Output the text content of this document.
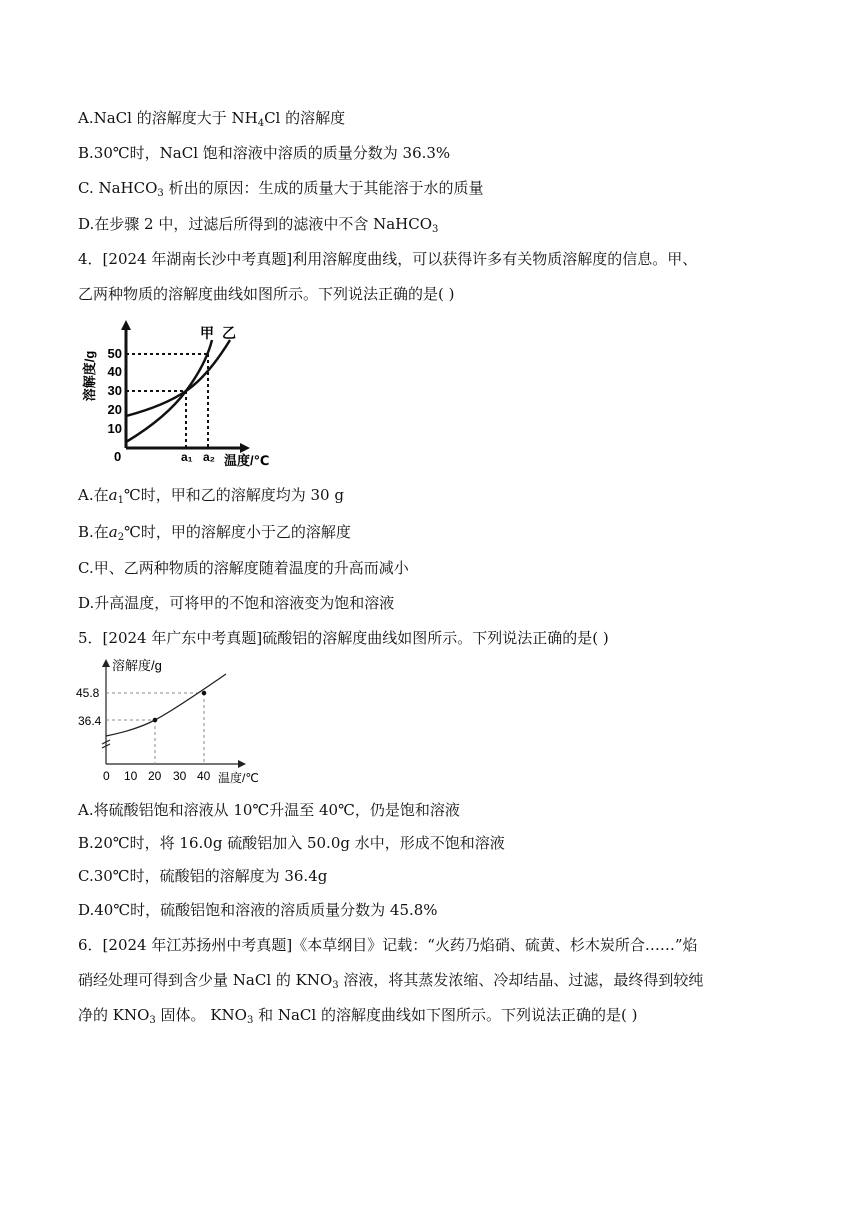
A.NaCl 的溶解度大于 $NH_4Cl$ 的溶解度
B.30℃时，NaCl 饱和溶液中溶质的质量分数为 36.3%
C. NaHCO$_3$ 析出的原因：生成的质量大于其能溶于水的质量
D.在步骤 2 中，过滤后所得到的滤液中不含 NaHCO$_3$
4．[2024 年湖南长沙中考真题]利用溶解度曲线，可以获得许多有关物质溶解度的信息。甲、
乙两种物质的溶解度曲线如图所示。下列说法正确的是( )
10
20
30
40
50
溶解度/g
0
甲 乙
a₁ a₂ 温度/℃
A.在$a_1℃$时，甲和乙的溶解度均为 30 g
B.在$a_2℃$时，甲的溶解度小于乙的溶解度
C.甲、乙两种物质的溶解度随着温度的升高而减小
D.升高温度，可将甲的不饱和溶液变为饱和溶液
5．[2024 年广东中考真题]硫酸铝的溶解度曲线如图所示。下列说法正确的是( )
溶解度/g
45.8
36.4
0 10 20 30 40 温度/℃
A.将硫酸铝饱和溶液从 10℃升温至 40℃，仍是饱和溶液
B.20℃时，将 16.0g 硫酸铝加入 50.0g 水中，形成不饱和溶液
C.30℃时，硫酸铝的溶解度为 36.4g
D.40℃时，硫酸铝饱和溶液的溶质质量分数为 45.8%
6．[2024 年江苏扬州中考真题]《本草纲目》记载：“火药乃焰硝、硫黄、杉木炭所合……”焰
硝经处理可得到含少量 NaCl 的 $KNO_3$ 溶液，将其蒸发浓缩、冷却结晶、过滤，最终得到较纯
净的 $KNO_3$ 固体。 $KNO_3$ 和 NaCl 的溶解度曲线如下图所示。下列说法正确的是( )
